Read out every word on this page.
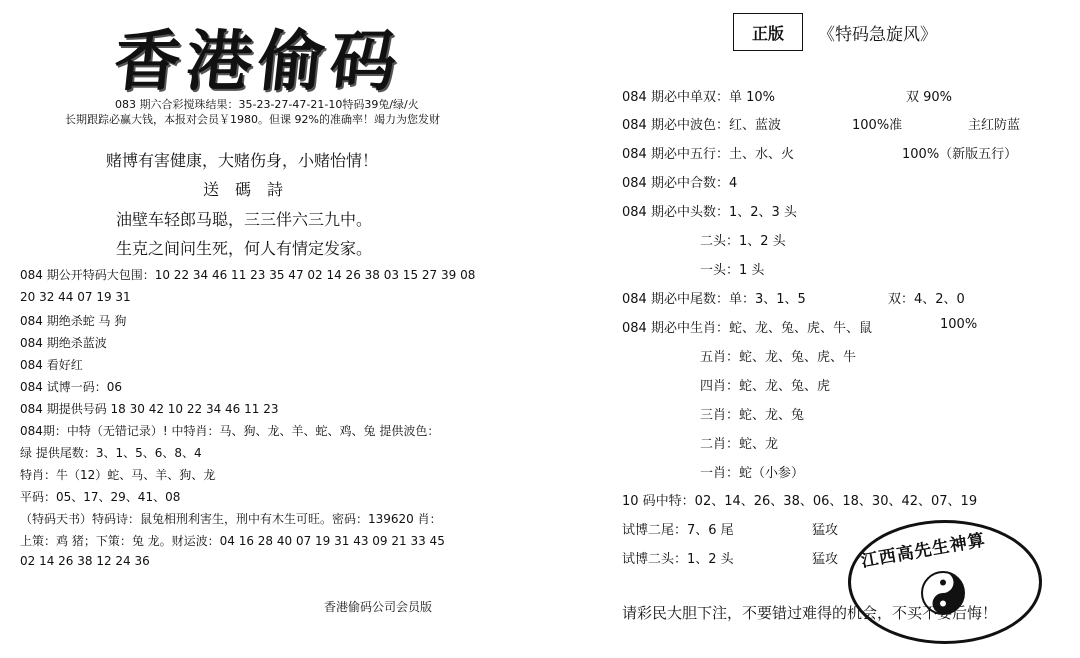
香港偷码
083 期六合彩搅珠结果：35-23-27-47-21-10特码39兔/绿/火
长期跟踪必赢大钱，本报对会员￥1980。但课 92%的准确率！竭力为您发财
赌博有害健康，大赌伤身，小赌怡情！
送　碼　詩
油壁车轻郎马聪，三三伴六三九中。
生克之间问生死，何人有情定发家。
084 期公开特码大包围：10 22 34 46 11 23 35 47 02 14 26 38 03 15 27 39 08
20 32 44 07 19 31
084 期绝杀蛇 马 狗
084 期绝杀蓝波
084 看好红
084 试博一码：06
084 期提供号码 18 30 42 10 22 34 46 11 23
084期：中特（无错记录）! 中特肖：马、狗、龙、羊、蛇、鸡、兔 提供波色：
绿 提供尾数：3、1、5、6、8、4
特肖：牛（12）蛇、马、羊、狗、龙
平码：05、17、29、41、08
（特码天书）特码诗：鼠兔相刑利害生，刑中有木生可旺。密码：139620 肖：
上策：鸡 猪；下策：兔 龙。财运波：04 16 28 40 07 19 31 43 09 21 33 45
02 14 26 38 12 24 36
香港偷码公司会员版
正版	《特码急旋风》
084 期必中单双：单 10%	双 90%
084 期必中波色：红、蓝波	100%准	主红防蓝
084 期必中五行：土、水、火	100%（新版五行）
084 期必中合数：4
084 期必中头数：1、2、3 头
二头：1、2 头
一头：1 头
084 期必中尾数：单：3、1、5	双：4、2、0
084 期必中生肖：蛇、龙、兔、虎、牛、鼠	100%
五肖：蛇、龙、兔、虎、牛
四肖：蛇、龙、兔、虎
三肖：蛇、龙、兔
二肖：蛇、龙
一肖：蛇（小参）
10 码中特：02、14、26、38、06、18、30、42、07、19
试博二尾：7、6 尾	猛攻
试博二头：1、2 头	猛攻 江西高先生神算
请彩民大胆下注，不要错过难得的机会，不买不要后悔！
